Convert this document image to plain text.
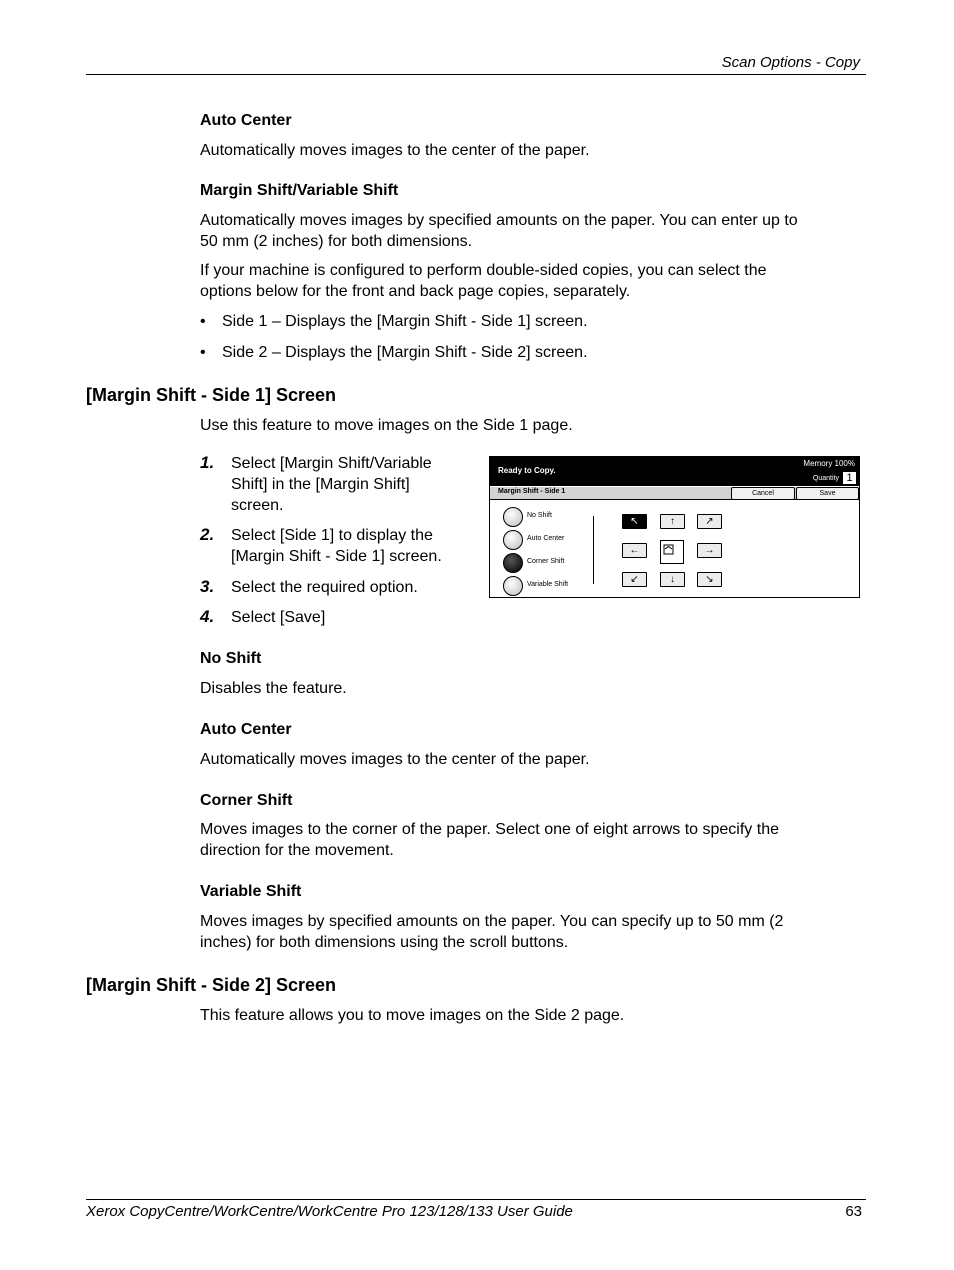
Scan Options - Copy
Auto Center
Automatically moves images to the center of the paper.
Margin Shift/Variable Shift
Automatically moves images by specified amounts on the paper. You can enter up to
50 mm (2 inches) for both dimensions.
If your machine is configured to perform double-sided copies, you can select the
options below for the front and back page copies, separately.
• Side 1 – Displays the [Margin Shift - Side 1] screen.
• Side 2 – Displays the [Margin Shift - Side 2] screen.
[Margin Shift - Side 1] Screen
Use this feature to move images on the Side 1 page.
1. Select [Margin Shift/Variable
Shift] in the [Margin Shift]
screen.
2. Select [Side 1] to display the
[Margin Shift - Side 1] screen.
3. Select the required option.
4. Select [Save]
Ready to Copy.
Memory 100%
Quantity 1
Margin Shift - Side 1	Cancel	Save
No Shift
Auto Center
Corner Shift
Variable Shift
↖	↑	↗
←	→
↙	↓	↘
No Shift
Disables the feature.
Auto Center
Automatically moves images to the center of the paper.
Corner Shift
Moves images to the corner of the paper. Select one of eight arrows to specify the
direction for the movement.
Variable Shift
Moves images by specified amounts on the paper. You can specify up to 50 mm (2
inches) for both dimensions using the scroll buttons.
[Margin Shift - Side 2] Screen
This feature allows you to move images on the Side 2 page.
Xerox CopyCentre/WorkCentre/WorkCentre Pro 123/128/133 User Guide	63
